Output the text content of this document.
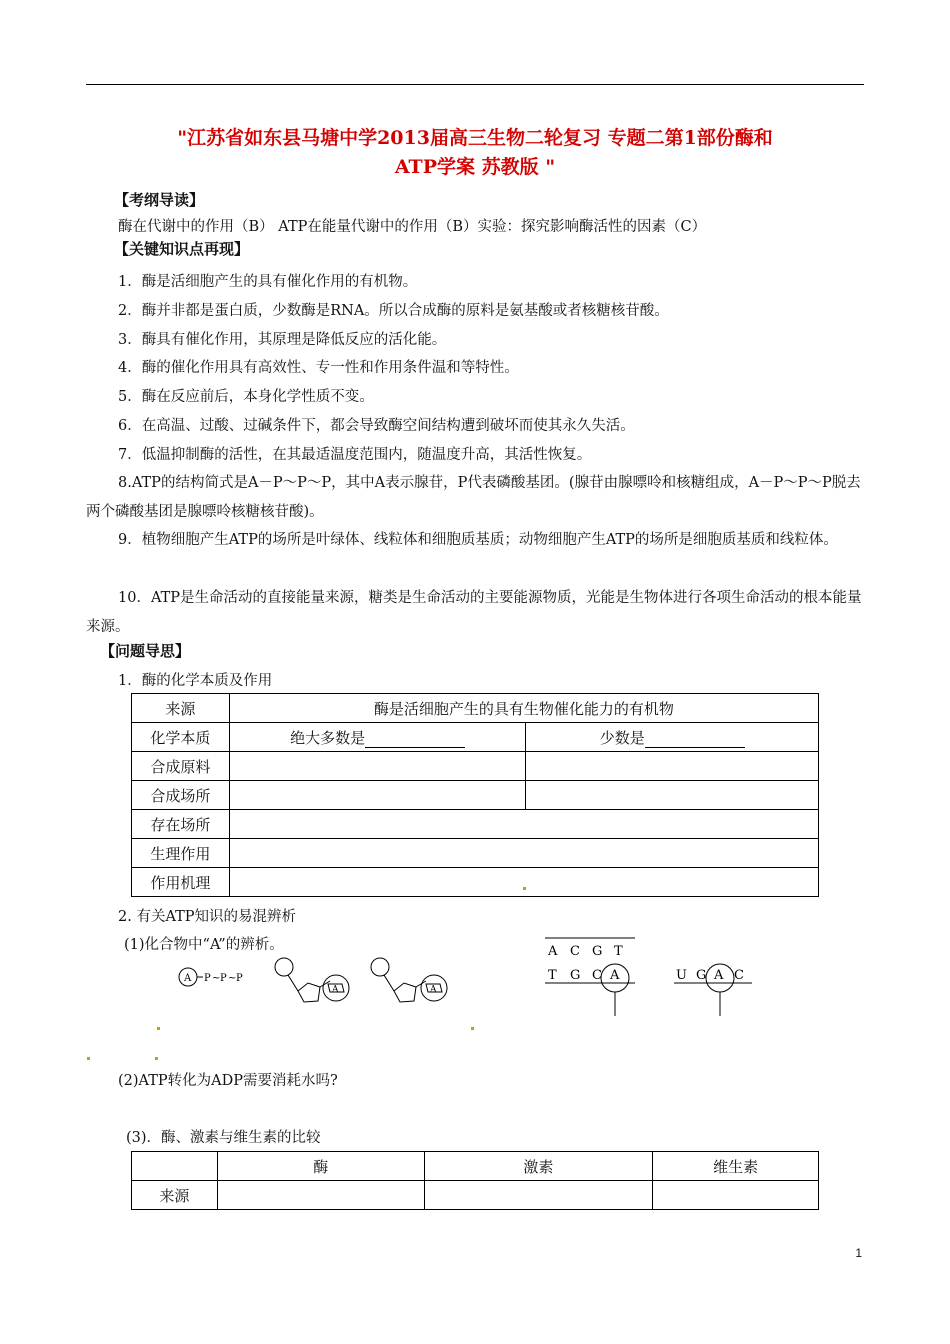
"江苏省如东县马塘中学2013届高三生物二轮复习 专题二第1部份酶和
ATP学案 苏教版 "
【考纲导读】
酶在代谢中的作用（B） ATP在能量代谢中的作用（B）实验：探究影响酶活性的因素（C）
【关键知识点再现】
1．酶是活细胞产生的具有催化作用的有机物。
2．酶并非都是蛋白质，少数酶是RNA。所以合成酶的原料是氨基酸或者核糖核苷酸。
3．酶具有催化作用，其原理是降低反应的活化能。
4．酶的催化作用具有高效性、专一性和作用条件温和等特性。
5．酶在反应前后，本身化学性质不变。
6．在高温、过酸、过碱条件下，都会导致酶空间结构遭到破坏而使其永久失活。
7．低温抑制酶的活性，在其最适温度范围内，随温度升高，其活性恢复。
8.ATP的结构简式是A－P～P～P，其中A表示腺苷，P代表磷酸基团。(腺苷由腺嘌呤和核糖组成，A－P～P～P脱去两个磷酸基团是腺嘌呤核糖核苷酸)。
9．植物细胞产生ATP的场所是叶绿体、线粒体和细胞质基质；动物细胞产生ATP的场所是细胞质基质和线粒体。
10．ATP是生命活动的直接能量来源，糖类是生命活动的主要能源物质，光能是生物体进行各项生命活动的根本能量来源。
【问题导思】
1．酶的化学本质及作用
来源	酶是活细胞产生的具有生物催化能力的有机物	
化学本质	绝大多数是	少数是
合成原料		
合成场所		
存在场所		
生理作用		
作用机理		
2. 有关ATP知识的易混辨析
(1)化合物中“A”的辨析。
A P ~ P ~ P
A	A
A C G T
T G C A	U G A C
(2)ATP转化为ADP需要消耗水吗?
(3)．酶、激素与维生素的比较
	酶	激素	维生素
来源			
1
